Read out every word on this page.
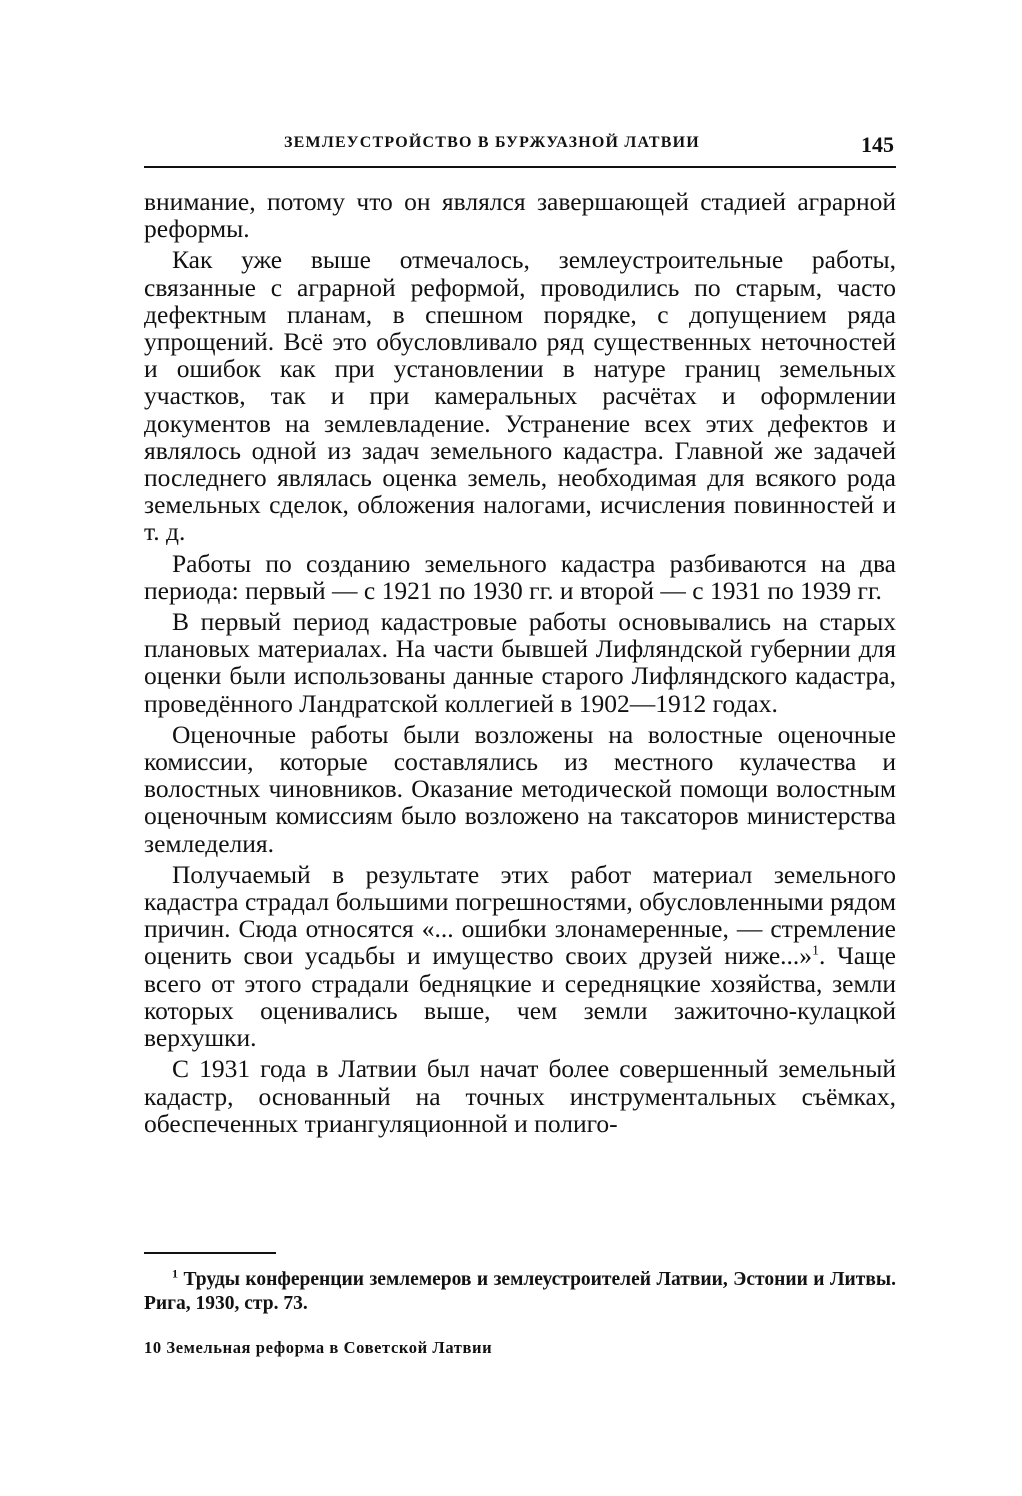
ЗЕМЛЕУСТРОЙСТВО В БУРЖУАЗНОЙ ЛАТВИИ	145

внимание, потому что он являлся завершающей стадией аграрной реформы.

Как уже выше отмечалось, землеустроительные работы, связанные с аграрной реформой, проводились по старым, часто дефектным планам, в спешном порядке, с допущением ряда упрощений. Всё это обусловливало ряд существенных неточностей и ошибок как при установлении в натуре границ земельных участков, так и при камеральных расчётах и оформлении документов на землевладение. Устранение всех этих дефектов и являлось одной из задач земельного кадастра. Главной же задачей последнего являлась оценка земель, необходимая для всякого рода земельных сделок, обложения налогами, исчисления повинностей и т. д.

Работы по созданию земельного кадастра разбиваются на два периода: первый — с 1921 по 1930 гг. и второй — с 1931 по 1939 гг.

В первый период кадастровые работы основывались на старых плановых материалах. На части бывшей Лифляндской губернии для оценки были использованы данные старого Лифляндского кадастра, проведённого Ландратской коллегией в 1902—1912 годах.

Оценочные работы были возложены на волостные оценочные комиссии, которые составлялись из местного кулачества и волостных чиновников. Оказание методической помощи волостным оценочным комиссиям было возложено на таксаторов министерства земледелия.

Получаемый в результате этих работ материал земельного кадастра страдал большими погрешностями, обусловленными рядом причин. Сюда относятся «... ошибки злонамеренные, — стремление оценить свои усадьбы и имущество своих друзей ниже...»$^1$. Чаще всего от этого страдали бедняцкие и середняцкие хозяйства, земли которых оценивались выше, чем земли зажиточно-кулацкой верхушки.

С 1931 года в Латвии был начат более совершенный земельный кадастр, основанный на точных инструментальных съёмках, обеспеченных триангуляционной и полиго-

$^1$ Труды конференции землемеров и землеустроителей Латвии, Эстонии и Литвы. Рига, 1930, стр. 73.
10 Земельная реформа в Советской Латвии
